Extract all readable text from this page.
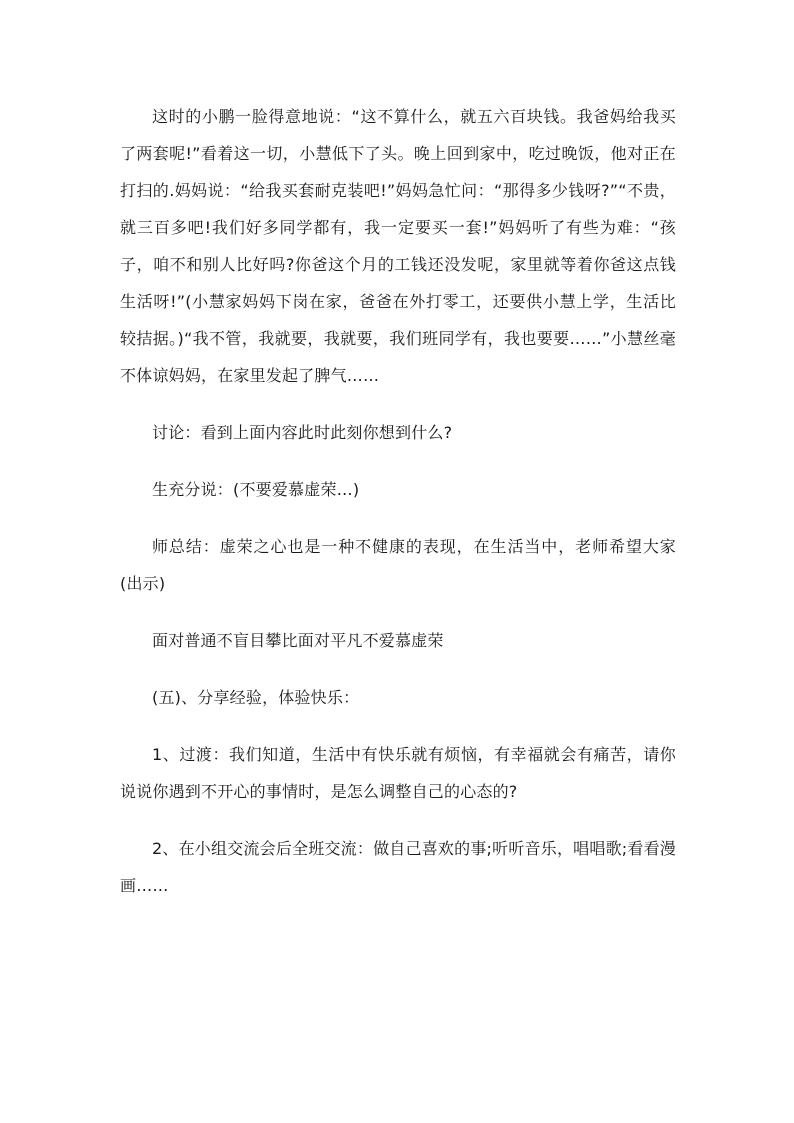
这时的小鹏一脸得意地说：“这不算什么，就五六百块钱。我爸妈给我买了两套呢!”看着这一切，小慧低下了头。晚上回到家中，吃过晚饭，他对正在打扫的.妈妈说：“给我买套耐克装吧!”妈妈急忙问：“那得多少钱呀?”“不贵，就三百多吧!我们好多同学都有，我一定要买一套!”妈妈听了有些为难：“孩子，咱不和别人比好吗?你爸这个月的工钱还没发呢，家里就等着你爸这点钱生活呀!”(小慧家妈妈下岗在家，爸爸在外打零工，还要供小慧上学，生活比较拮据。)“我不管，我就要，我就要，我们班同学有，我也要要……”小慧丝毫不体谅妈妈，在家里发起了脾气……

讨论：看到上面内容此时此刻你想到什么?

生充分说：(不要爱慕虚荣…)

师总结：虚荣之心也是一种不健康的表现，在生活当中，老师希望大家(出示)

面对普通不盲目攀比面对平凡不爱慕虚荣

(五)、分享经验，体验快乐：

1、过渡：我们知道，生活中有快乐就有烦恼，有幸福就会有痛苦，请你说说你遇到不开心的事情时，是怎么调整自己的心态的?

2、在小组交流会后全班交流：做自己喜欢的事;听听音乐，唱唱歌;看看漫画……
